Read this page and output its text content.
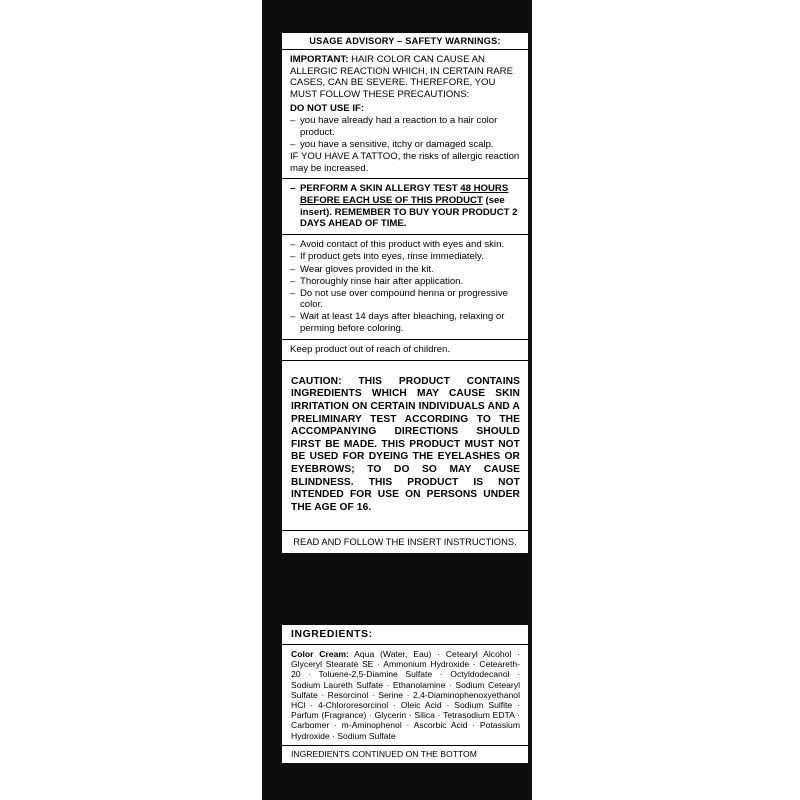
USAGE ADVISORY – SAFETY WARNINGS:

IMPORTANT: HAIR COLOR CAN CAUSE AN ALLERGIC REACTION WHICH, IN CERTAIN RARE CASES, CAN BE SEVERE. THEREFORE, YOU MUST FOLLOW THESE PRECAUTIONS:

DO NOT USE IF:

– you have already had a reaction to a hair color product.
– you have a sensitive, itchy or damaged scalp.

IF YOU HAVE A TATTOO, the risks of allergic reaction may be increased.

– PERFORM A SKIN ALLERGY TEST 48 HOURS BEFORE EACH USE OF THIS PRODUCT (see insert). REMEMBER TO BUY YOUR PRODUCT 2 DAYS AHEAD OF TIME.
– Avoid contact of this product with eyes and skin.
– If product gets into eyes, rinse immediately.
– Wear gloves provided in the kit.
– Thoroughly rinse hair after application.
– Do not use over compound henna or progressive color.
– Wait at least 14 days after bleaching, relaxing or perming before coloring.

Keep product out of reach of children.

CAUTION: THIS PRODUCT CONTAINS INGREDIENTS WHICH MAY CAUSE SKIN IRRITATION ON CERTAIN INDIVIDUALS AND A PRELIMINARY TEST ACCORDING TO THE ACCOMPANYING DIRECTIONS SHOULD FIRST BE MADE. THIS PRODUCT MUST NOT BE USED FOR DYEING THE EYELASHES OR EYEBROWS; TO DO SO MAY CAUSE BLINDNESS. THIS PRODUCT IS NOT INTENDED FOR USE ON PERSONS UNDER THE AGE OF 16.

READ AND FOLLOW THE INSERT INSTRUCTIONS.
INGREDIENTS:
Color Cream: Aqua (Water, Eau) · Cetearyl Alcohol · Glyceryl Stearate SE · Ammonium Hydroxide · Ceteareth-20 · Toluene-2,5-Diamine Sulfate · Octyldodecanol · Sodium Laureth Sulfate · Ethanolamine · Sodium Cetearyl Sulfate · Resorcinol · Serine · 2,4-Diaminophenoxyethanol HCl · 4-Chlororesorcinol · Oleic Acid · Sodium Sulfite · Parfum (Fragrance) · Glycerin · Silica · Tetrasodium EDTA · Carbomer · m-Aminophenol · Ascorbic Acid · Potassium Hydroxide · Sodium Sulfate
INGREDIENTS CONTINUED ON THE BOTTOM
